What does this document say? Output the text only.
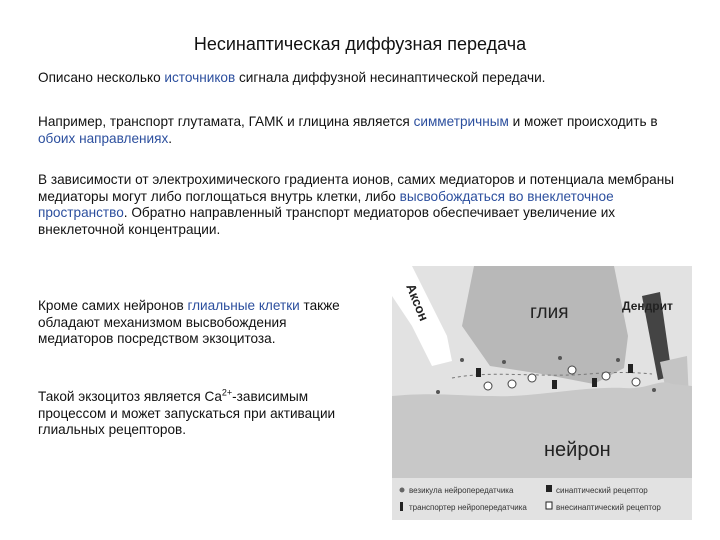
Несинаптическая диффузная передача
Описано несколько источников сигнала диффузной несинаптической передачи.
Например, транспорт глутамата, ГАМК и глицина является симметричным и может происходить в обоих направлениях.
В зависимости от электрохимического градиента ионов, самих медиаторов и потенциала мембраны медиаторы могут либо поглощаться внутрь клетки, либо высвобождаться во внеклеточное пространство. Обратно направленный транспорт медиаторов обеспечивает увеличение их внеклеточной концентрации.
Кроме самих нейронов глиальные клетки также обладают механизмом высвобождения медиаторов посредством экзоцитоза.
Такой экзоцитоз является $Ca^{2+}$-зависимым процессом и может запускаться при активации глиальных рецепторов.
Аксон	глия	Дендрит
нейрон
везикула нейропередатчика
транспортер нейропередатчика
синаптический рецептор
внесинаптический рецептор
